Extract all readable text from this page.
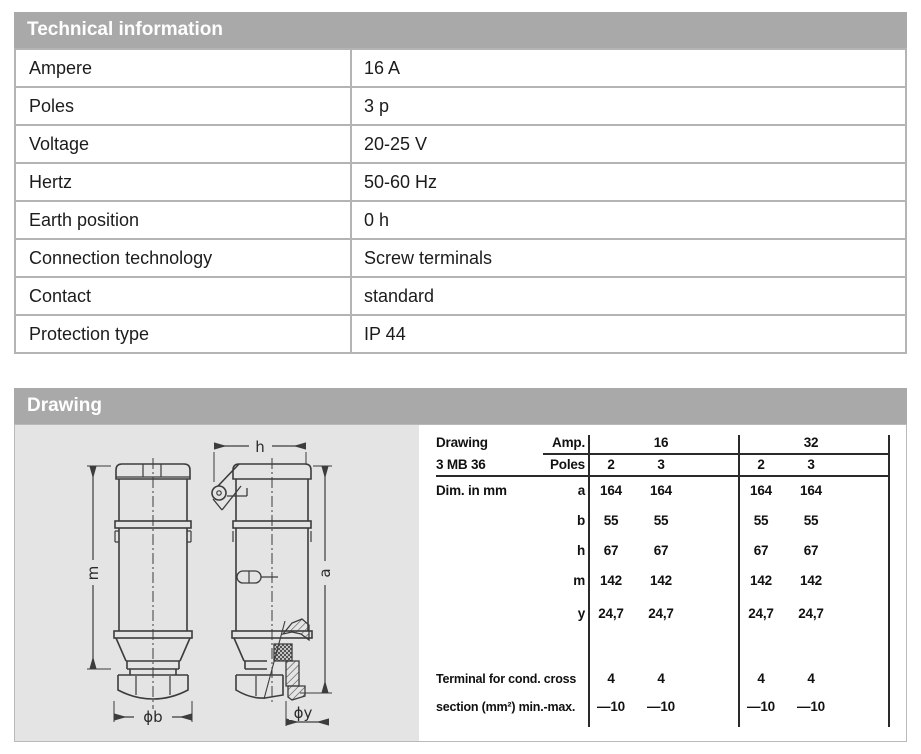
Technical information
Ampere	16 A
Poles	3 p
Voltage	20-25 V
Hertz	50-60 Hz
Earth position	0 h
Connection technology	Screw terminals
Contact	standard
Protection type	IP 44
Drawing
m
h
a
ϕb	ϕy
Drawing	Amp.	16	32
3 MB 36	Poles	2	3	2	3
Dim. in mm	a	164	164	164	164
b	55	55	55	55
h	67	67	67	67
m	142	142	142	142
y 24,7	24,7	24,7	24,7
Terminal for cond. cross	4	4	4	4
section (mm²) min.-max.	—10	—10	—10	—10
